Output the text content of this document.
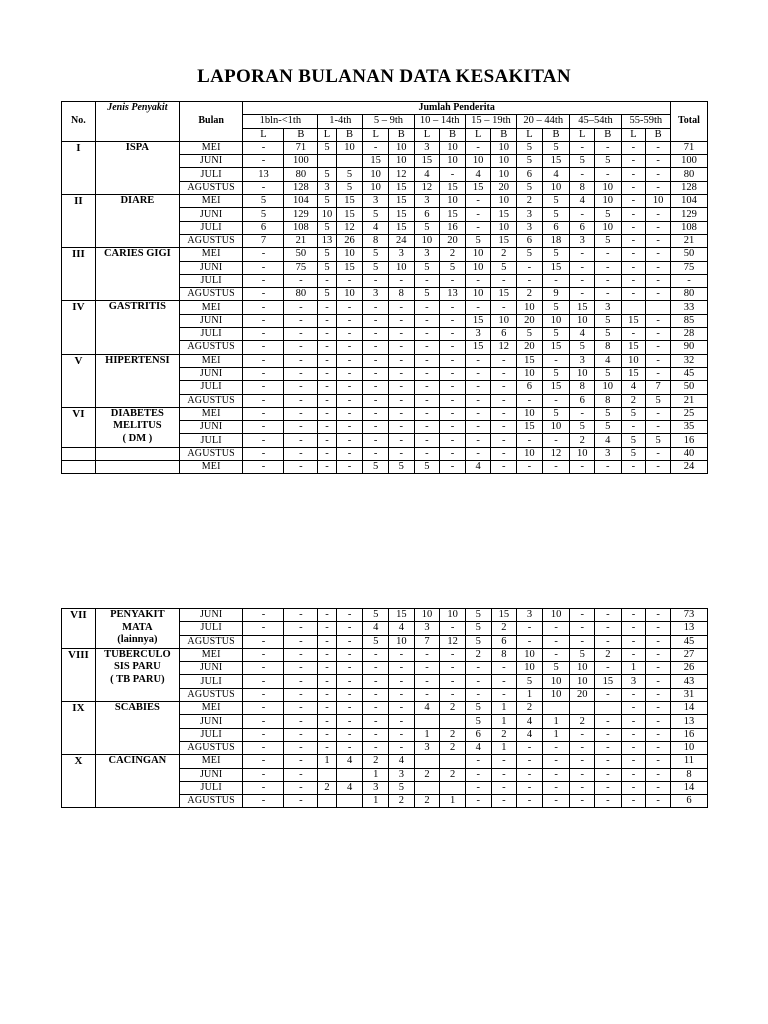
LAPORAN BULANAN DATA KESAKITAN
No.	Jenis Penyakit	Bulan	Jumlah Penderita																Total
			1bln-<1th		1-4th		5 – 9th		10 – 14th		15 – 19th		20 – 44th		45–54th		55-59th		
			L	B	L	B	L	B	L	B	L	B	L	B	L	B	L	B	
I	ISPA	MEI	-	71	5	10	-	10	3	10	-	10	5	5	-	-	-	-	71
		JUNI	-	100			15	10	15	10	10	10	5	15	5	5	-	-	100
		JULI	13	80	5	5	10	12	4	-	4	10	6	4	-	-	-	-	80
		AGUSTUS	-	128	3	5	10	15	12	15	15	20	5	10	8	10	-	-	128
II	DIARE	MEI	5	104	5	15	3	15	3	10	-	10	2	5	4	10	-	10	104
		JUNI	5	129	10	15	5	15	6	15	-	15	3	5	-	5	-	-	129
		JULI	6	108	5	12	4	15	5	16	-	10	3	6	6	10	-	-	108
		AGUSTUS	7	21	13	26	8	24	10	20	5	15	6	18	3	5	-	-	21
III	CARIES GIGI	MEI	-	50	5	10	5	3	3	2	10	2	5	5	-	-	-	-	50
		JUNI	-	75	5	15	5	10	5	5	10	5	-	15	-	-	-	-	75
		JULI	-	-	-	-	-	-	-	-	-	-	-	-	-	-	-	-	-
		AGUSTUS	-	80	5	10	3	8	5	13	10	15	2	9	-	-	-	-	80
IV	GASTRITIS	MEI	-	-	-	-	-	-	-	-	-	-	10	5	15	3			33
		JUNI	-	-	-	-	-	-	-	-	15	10	20	10	10	5	15	-	85
		JULI	-	-	-	-	-	-	-	-	3	6	5	5	4	5	-	-	28
		AGUSTUS	-	-	-	-	-	-	-	-	15	12	20	15	5	8	15	-	90
V	HIPERTENSI	MEI	-	-	-	-	-	-	-	-	-	-	15	-	3	4	10	-	32
		JUNI	-	-	-	-	-	-	-	-	-	-	10	5	10	5	15	-	45
		JULI	-	-	-	-	-	-	-	-	-	-	6	15	8	10	4	7	50
		AGUSTUS	-	-	-	-	-	-	-	-	-	-	-	-	6	8	2	5	21
VI	DIABETES
MELITUS
( DM )	MEI	-	-	-	-	-	-	-	-	-	-	10	5	-	5	5	-	25
		JUNI	-	-	-	-	-	-	-	-	-	-	15	10	5	5	-	-	35
		JULI	-	-	-	-	-	-	-	-	-	-	-	-	2	4	5	5	16

	AGUSTUS	-	-	-	-	-	-	-	-	-	-	10	12	10	3	5	-	40

	MEI	-	-	-	-	5	5	5	-	4	-	-	-	-	-	-	-	24
VII	PENYAKIT
MATA
(lainnya)	JUNI	-	-	-	-	5	15	10	10	5	15	3	10	-	-	-	-	73
		JULI	-	-	-	-	4	4	3	-	5	2	-	-	-	-	-	-	13
		AGUSTUS	-	-	-	-	5	10	7	12	5	6	-	-	-	-	-	-	45
VIII	TUBERCULO
SIS PARU
( TB PARU)	MEI	-	-	-	-	-	-	-	-	2	8	10	-	5	2	-	-	27
		JUNI	-	-	-	-	-	-	-	-	-	-	10	5	10	-	1	-	26
		JULI	-	-	-	-	-	-	-	-	-	-	5	10	10	15	3	-	43
		AGUSTUS	-	-	-	-	-	-	-	-	-	-	1	10	20	-	-	-	31
IX	SCABIES	MEI	-	-	-	-	-	-	4	2	5	1	2				-	-	14
		JUNI	-	-	-	-	-	-			5	1	4	1	2	-	-	-	13
		JULI	-	-	-	-	-	-	1	2	6	2	4	1	-	-	-	-	16
		AGUSTUS	-	-	-	-	-	-	3	2	4	1	-	-	-	-	-	-	10
X	CACINGAN	MEI	-	-	1	4	2	4			-	-	-	-	-	-	-	-	11
		JUNI	-	-			1	3	2	2	-	-	-	-	-	-	-	-	8
		JULI	-	-	2	4	3	5			-	-	-	-	-	-	-	-	14
		AGUSTUS	-	-			1	2	2	1	-	-	-	-	-	-	-	-	6
